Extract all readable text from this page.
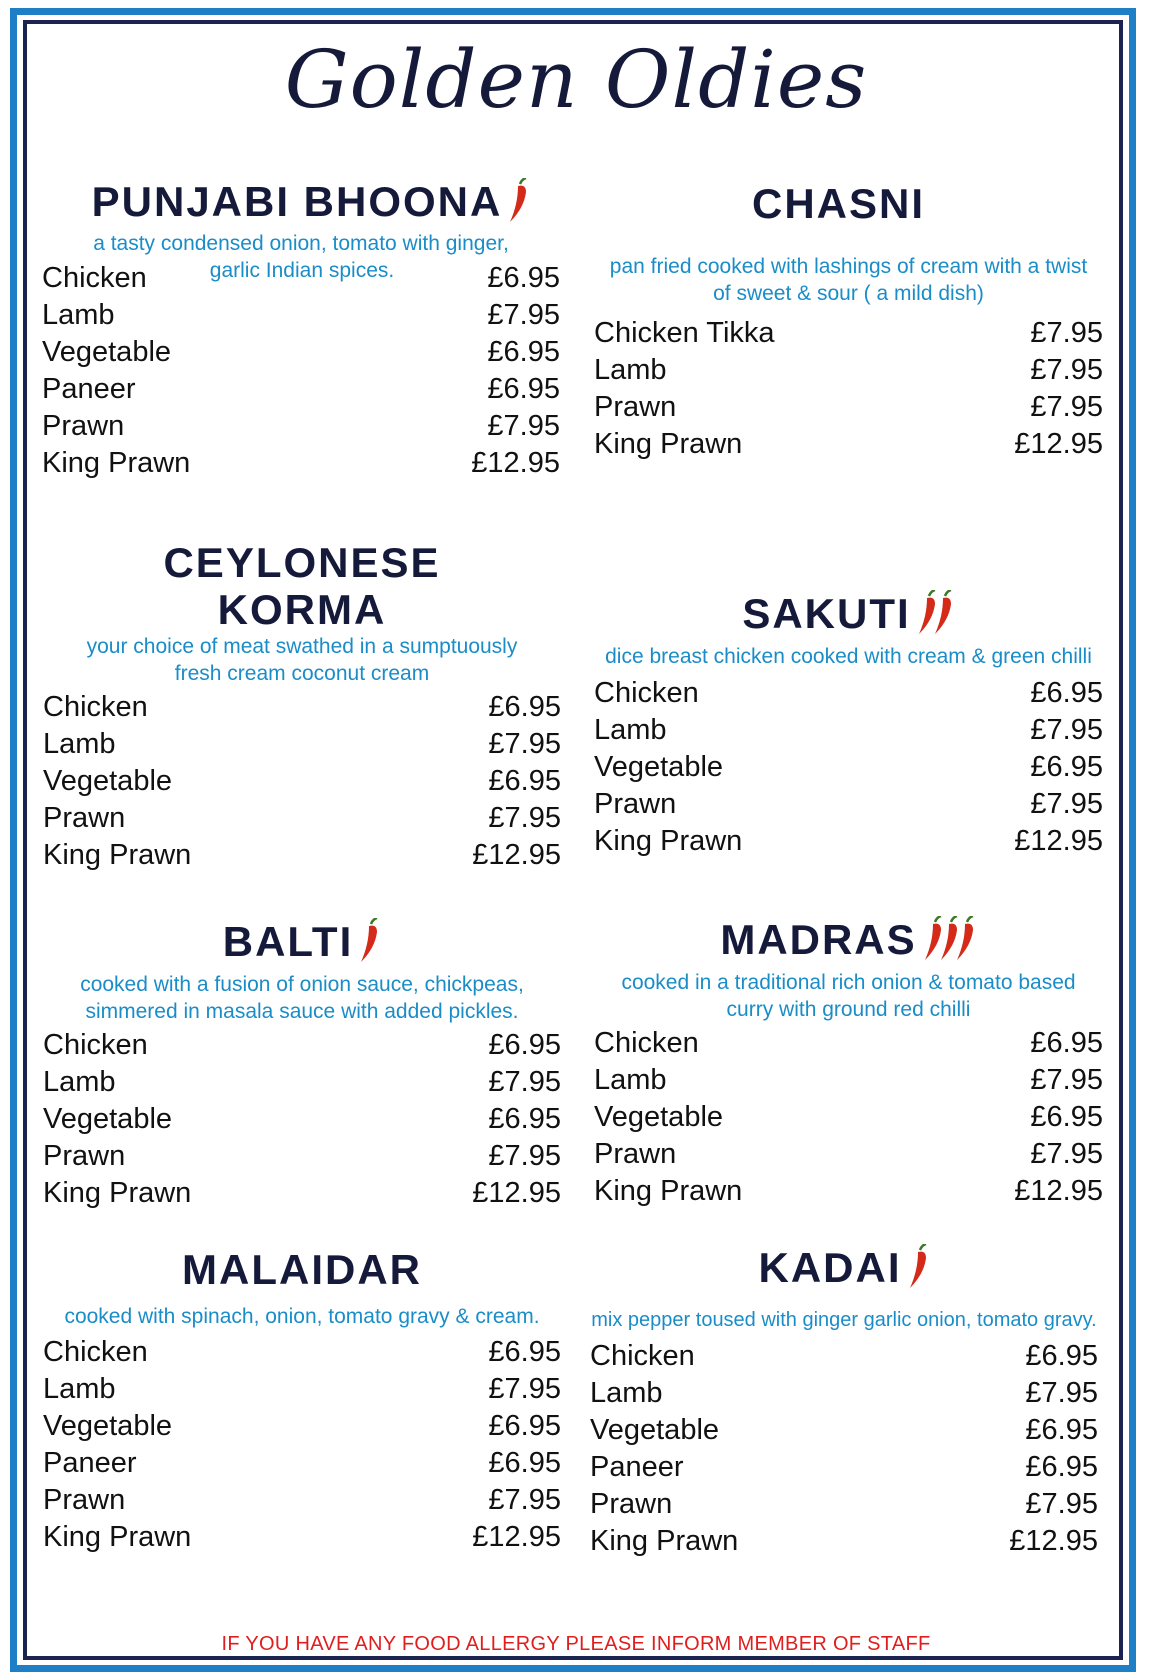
Golden Oldies
PUNJABI BHOONA
a tasty condensed onion, tomato with ginger,
garlic Indian spices.
Chicken	£6.95
Lamb	£7.95
Vegetable	£6.95
Paneer	£6.95
Prawn	£7.95
King Prawn	£12.95
CHASNI
pan fried cooked with lashings of cream with a twist
of sweet & sour ( a mild dish)
Chicken Tikka	£7.95
Lamb	£7.95
Prawn	£7.95
King Prawn	£12.95
CEYLONESE
KORMA
your choice of meat swathed in a sumptuously
fresh cream coconut cream
Chicken	£6.95
Lamb	£7.95
Vegetable	£6.95
Prawn	£7.95
King Prawn	£12.95
SAKUTI
dice breast chicken cooked with cream & green chilli
Chicken	£6.95
Lamb	£7.95
Vegetable	£6.95
Prawn	£7.95
King Prawn	£12.95
BALTI
cooked with a fusion of onion sauce, chickpeas,
simmered in masala sauce with added pickles.
Chicken	£6.95
Lamb	£7.95
Vegetable	£6.95
Prawn	£7.95
King Prawn	£12.95
MADRAS
cooked in a traditional rich onion & tomato based
curry with ground red chilli
Chicken	£6.95
Lamb	£7.95
Vegetable	£6.95
Prawn	£7.95
King Prawn	£12.95
MALAIDAR
cooked with spinach, onion, tomato gravy & cream.
Chicken	£6.95
Lamb	£7.95
Vegetable	£6.95
Paneer	£6.95
Prawn	£7.95
King Prawn	£12.95
KADAI
mix pepper toused with ginger garlic onion, tomato gravy.
Chicken	£6.95
Lamb	£7.95
Vegetable	£6.95
Paneer	£6.95
Prawn	£7.95
King Prawn	£12.95
IF YOU HAVE ANY FOOD ALLERGY PLEASE INFORM MEMBER OF STAFF
